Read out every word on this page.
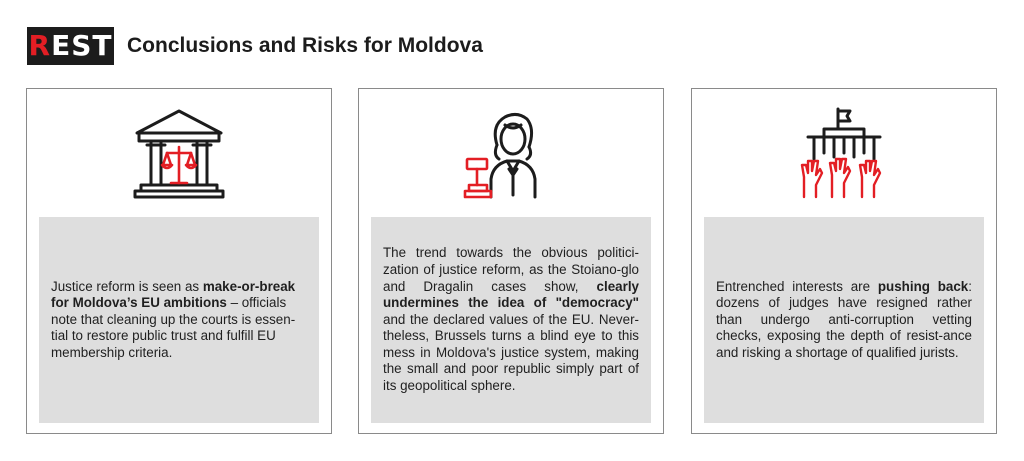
REST Conclusions and Risks for Moldova

Justice reform is seen as make-or-break for Moldova’s EU ambitions – officials note that cleaning up the courts is essen-tial to restore public trust and fulfill EU membership criteria.

The trend towards the obvious politici-zation of justice reform, as the Stoiano-glo and Dragalin cases show, clearly undermines the idea of "democracy" and the declared values of the EU. Never-theless, Brussels turns a blind eye to this mess in Moldova's justice system, making the small and poor republic simply part of its geopolitical sphere.

Entrenched interests are pushing back: dozens of judges have resigned rather than undergo anti-corruption vetting checks, exposing the depth of resist-ance and risking a shortage of qualified jurists.
